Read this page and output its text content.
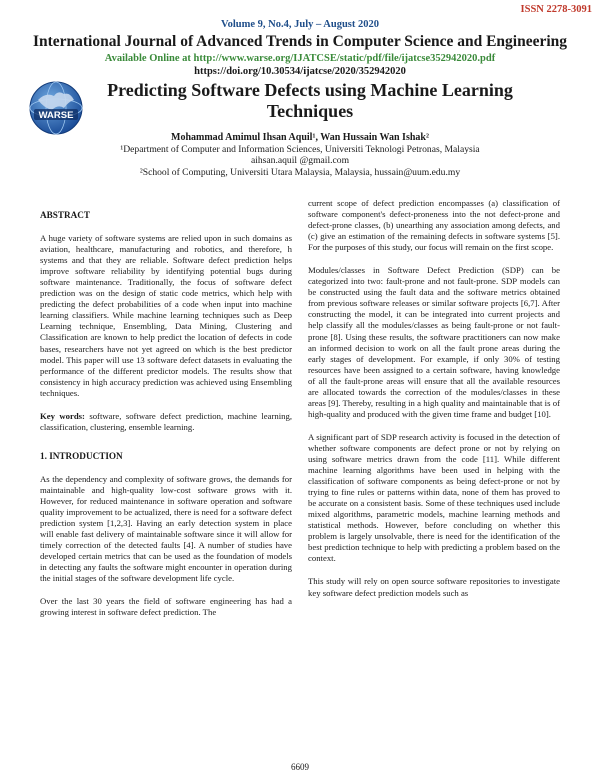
ISSN 2278-3091
Volume 9, No.4, July – August 2020
International Journal of Advanced Trends in Computer Science and Engineering
Available Online at http://www.warse.org/IJATCSE/static/pdf/file/ijatcse352942020.pdf
https://doi.org/10.30534/ijatcse/2020/352942020
WARSE
Predicting Software Defects using Machine Learning Techniques
Mohammad Amimul Ihsan Aquil¹, Wan Hussain Wan Ishak²
¹Department of Computer and Information Sciences, Universiti Teknologi Petronas, Malaysia
aihsan.aquil @gmail.com
²School of Computing, Universiti Utara Malaysia, Malaysia, hussain@uum.edu.my

ABSTRACT

A huge variety of software systems are relied upon in such domains as aviation, healthcare, manufacturing and robotics, and therefore, h systems and that they are reliable. Software defect prediction helps improve software reliability by identifying potential bugs during software maintenance. Traditionally, the focus of software defect prediction was on the design of static code metrics, which help with predicting the defect probabilities of a code when input into machine learning classifiers. While machine learning techniques such as Deep Learning technique, Ensembling, Data Mining, Clustering and Classification are known to help predict the location of defects in code bases, researchers have not yet agreed on which is the best predictor model. This paper will use 13 software defect datasets in evaluating the performance of the different predictor models. The results show that consistency in high accuracy prediction was achieved using Ensembling techniques.

Key words: software, software defect prediction, machine learning, classification, clustering, ensemble learning.

1. INTRODUCTION

As the dependency and complexity of software grows, the demands for maintainable and high-quality low-cost software grows with it. However, for reduced maintenance in software operation and software quality improvement to be actualized, there is need for a software defect prediction system [1,2,3]. Having an early detection system in place will enable fast delivery of maintainable software since it will allow for timely correction of the detected faults [4]. A number of studies have developed certain metrics that can be used as the foundation of models in detecting any faults the software might encounter in operation during the initial stages of the software development life cycle.

Over the last 30 years the field of software engineering has had a growing interest in software defect prediction. The

current scope of defect prediction encompasses (a) classification of software component's defect-proneness into the not defect-prone and defect-prone classes, (b) unearthing any association among defects, and (c) give an estimation of the remaining defects in software systems [5]. For the purposes of this study, our focus will remain on the first scope.

Modules/classes in Software Defect Prediction (SDP) can be categorized into two: fault-prone and not fault-prone. SDP models can be constructed using the fault data and the software metrics obtained from previous software releases or similar software projects [6,7]. After constructing the model, it can be integrated into current projects and help classify all the modules/classes as being fault-prone or not fault-prone [8]. Using these results, the software practitioners can now make an informed decision to work on all the fault prone areas during the early stages of development. For example, if only 30% of testing resources have been assigned to a certain software, having knowledge of all the fault-prone areas will ensure that all the available resources are allocated towards the correction of the modules/classes in these areas [9]. Thereby, resulting in a high quality and maintainable that is of high-quality and produced with the given time frame and budget [10].

A significant part of SDP research activity is focused in the detection of whether software components are defect prone or not by relying on using software metrics drawn from the code [11]. While different machine learning algorithms have been used in helping with the classification of software components as being defect-prone or not by trying to fine rules or patterns within data, none of them has proved to be accurate on a consistent basis. Some of these techniques used include mixed algorithms, parametric models, machine learning methods and statistical methods. However, before concluding on whether this problem is largely unsolvable, there is need for the identification of the best prediction technique to help with predicting a problem based on the context.

This study will rely on open source software repositories to investigate key software defect prediction models such as

6609
